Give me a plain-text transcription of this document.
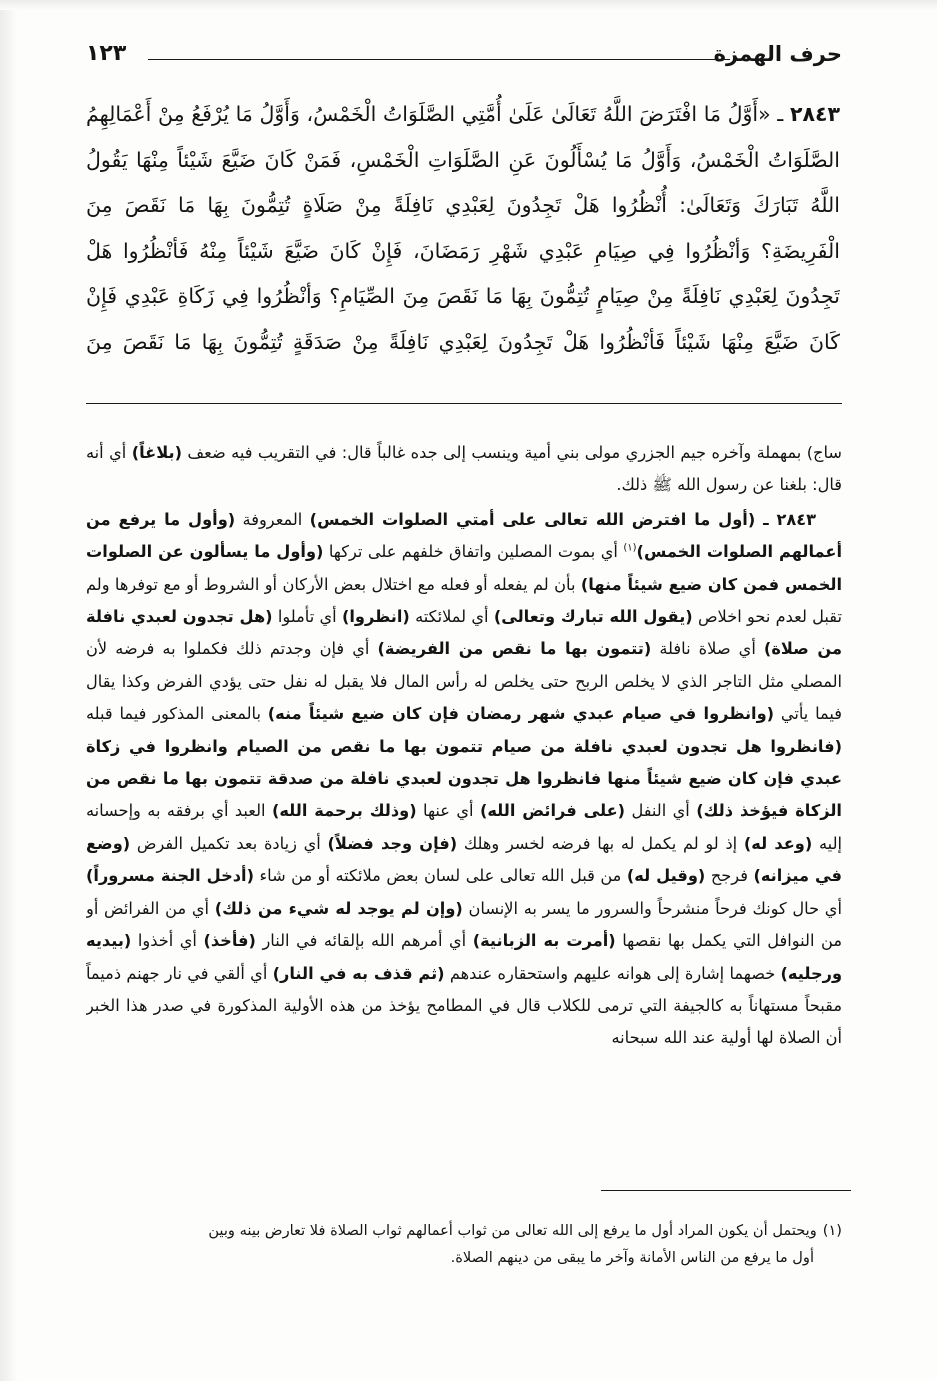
حرف الهمزة
١٢٣
٢٨٤٣ ـ «أَوَّلُ مَا افْتَرَضَ اللَّهُ تَعَالَىٰ عَلَىٰ أُمَّتِي الصَّلَوَاتُ الْخَمْسُ، وَأَوَّلُ مَا يُرْفَعُ مِنْ أَعْمَالِهِمُ الصَّلَوَاتُ الْخَمْسُ، وَأَوَّلُ مَا يُسْأَلُونَ عَنِ الصَّلَوَاتِ الْخَمْسِ، فَمَنْ كَانَ ضَيَّعَ شَيْئاً مِنْهَا يَقُولُ اللَّهُ تَبَارَكَ وَتَعَالَىٰ: أُنْظُرُوا هَلْ تَجِدُونَ لِعَبْدِي نَافِلَةً مِنْ صَلَاةٍ تُتِمُّونَ بِهَا مَا نَقَصَ مِنَ الْفَرِيضَةِ؟ وَأنْظُرُوا فِي صِيَامِ عَبْدِي شَهْرِ رَمَضَانَ، فَإِنْ كَانَ ضَيَّعَ شَيْئاً مِنْهُ فَأنْظُرُوا هَلْ تَجِدُونَ لِعَبْدِي نَافِلَةً مِنْ صِيَامٍ تُتِمُّونَ بِهَا مَا نَقَصَ مِنَ الصِّيَامِ؟ وَأنْظُرُوا فِي زَكَاةِ عَبْدِي فَإِنْ كَانَ ضَيَّعَ مِنْهَا شَيْئاً فَأنْظُرُوا هَلْ تَجِدُونَ لِعَبْدِي نَافِلَةً مِنْ صَدَقَةٍ تُتِمُّونَ بِهَا مَا نَقَصَ مِنَ

ساج) بمهملة وآخره جيم الجزري مولى بني أمية وينسب إلى جده غالباً قال: في التقريب فيه ضعف (بلاغاً) أي أنه قال: بلغنا عن رسول الله ﷺ ذلك.

٢٨٤٣ ـ (أول ما افترض الله تعالى على أمتي الصلوات الخمس) المعروفة (وأول ما يرفع من أعمالهم الصلوات الخمس)$^{(١)}$ أي بموت المصلين واتفاق خلفهم على تركها (وأول ما يسألون عن الصلوات الخمس فمن كان ضيع شيئاً منها) بأن لم يفعله أو فعله مع اختلال بعض الأركان أو الشروط أو مع توفرها ولم تقبل لعدم نحو اخلاص (يقول الله تبارك وتعالى) أي لملائكته (انظروا) أي تأملوا (هل تجدون لعبدي نافلة من صلاة) أي صلاة نافلة (تتمون بها ما نقص من الفريضة) أي فإن وجدتم ذلك فكملوا به فرضه لأن المصلي مثل التاجر الذي لا يخلص الربح حتى يخلص له رأس المال فلا يقبل له نفل حتى يؤدي الفرض وكذا يقال فيما يأتي (وانظروا في صيام عبدي شهر رمضان فإن كان ضيع شيئاً منه) بالمعنى المذكور فيما قبله (فانظروا هل تجدون لعبدي نافلة من صيام تتمون بها ما نقص من الصيام وانظروا في زكاة عبدي فإن كان ضيع شيئاً منها فانظروا هل تجدون لعبدي نافلة من صدقة تتمون بها ما نقص من الزكاة فيؤخذ ذلك) أي النفل (على فرائض الله) أي عنها (وذلك برحمة الله) العبد أي برفقه به وإحسانه إليه (وعد له) إذ لو لم يكمل له بها فرضه لخسر وهلك (فإن وجد فضلاً) أي زيادة بعد تكميل الفرض (وضع في ميزانه) فرجح (وقيل له) من قبل الله تعالى على لسان بعض ملائكته أو من شاء (أدخل الجنة مسروراً) أي حال كونك فرحاً منشرحاً والسرور ما يسر به الإنسان (وإن لم يوجد له شيء من ذلك) أي من الفرائض أو من النوافل التي يكمل بها نقصها (أمرت به الزبانية) أي أمرهم الله بإلقائه في النار (فأخذ) أي أخذوا (بيديه ورجليه) خصهما إشارة إلى هوانه عليهم واستحقاره عندهم (ثم قذف به في النار) أي ألقي في نار جهنم ذميماً مقبحاً مستهاناً به كالجيفة التي ترمى للكلاب قال في المطامح يؤخذ من هذه الأولية المذكورة في صدر هذا الخبر أن الصلاة لها أولية عند الله سبحانه

(١)ويحتمل أن يكون المراد أول ما يرفع إلى الله تعالى من ثواب أعمالهم ثواب الصلاة فلا تعارض بينه وبين
أول ما يرفع من الناس الأمانة وآخر ما يبقى من دينهم الصلاة.
